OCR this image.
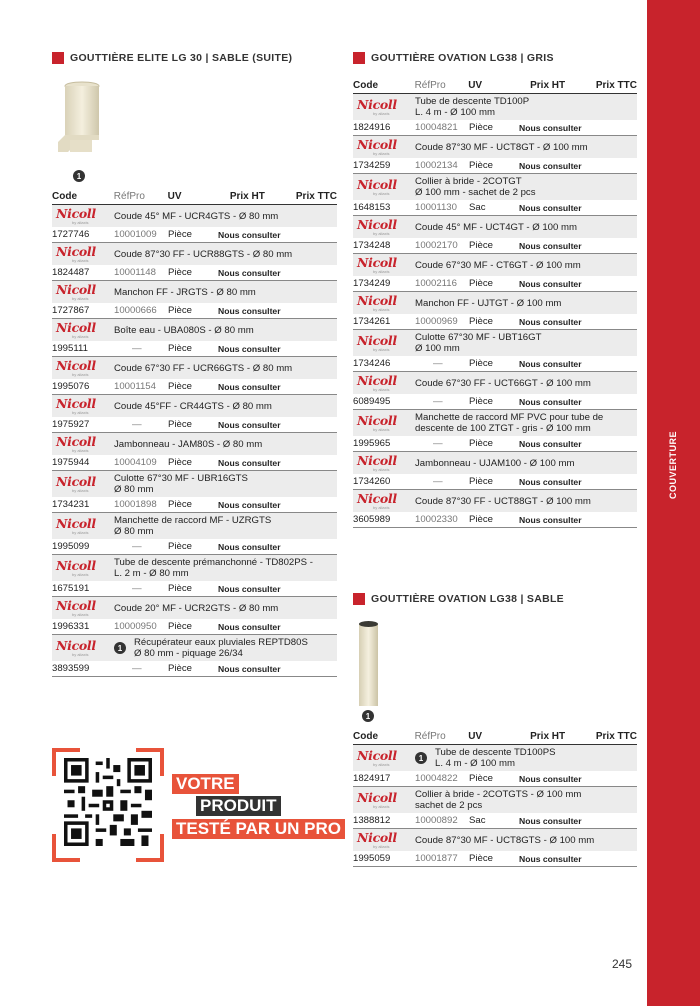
COUVERTURE
GOUTTIÈRE ELITE LG 30 | SABLE (SUITE)
1
Code	RéfPro	UV	Prix HT	Prix TTC
Nicoll
by aliaxis
Coude 45° MF - UCR4GTS - Ø 80 mm
1727746	10001009	Pièce	Nous consulter
Nicoll
by aliaxis
Coude 87°30 FF - UCR88GTS - Ø 80 mm
1824487	10001148	Pièce	Nous consulter
Nicoll
by aliaxis
Manchon FF - JRGTS - Ø 80 mm
1727867	10000666	Pièce	Nous consulter
Nicoll
by aliaxis
Boîte eau - UBA080S - Ø 80 mm
1995111	—	Pièce	Nous consulter
Nicoll
by aliaxis
Coude 67°30 FF - UCR66GTS - Ø 80 mm
1995076	10001154	Pièce	Nous consulter
Nicoll
by aliaxis
Coude 45°FF - CR44GTS - Ø 80 mm
1975927	—	Pièce	Nous consulter
Nicoll
by aliaxis
Jambonneau - JAM80S - Ø 80 mm
1975944	10004109	Pièce	Nous consulter
Nicoll
by aliaxis
Culotte 67°30 MF - UBR16GTS
Ø 80 mm
1734231	10001898	Pièce	Nous consulter
Nicoll
by aliaxis
Manchette de raccord MF - UZRGTS
Ø 80 mm
1995099	—	Pièce	Nous consulter
Nicoll
by aliaxis
Tube de descente prémanchonné - TD802PS -
L. 2 m - Ø 80 mm
1675191	—	Pièce	Nous consulter
Nicoll
by aliaxis
Coude 20° MF - UCR2GTS - Ø 80 mm
1996331	10000950	Pièce	Nous consulter
Nicoll
by aliaxis
1	Récupérateur eaux pluviales REPTD80S
Ø 80 mm - piquage 26/34
3893599	—	Pièce	Nous consulter
VOTRE
PRODUIT
TESTÉ PAR UN PRO
GOUTTIÈRE OVATION LG38 | GRIS
Code	RéfPro	UV	Prix HT	Prix TTC
Nicoll
by aliaxis
Tube de descente TD100P
L. 4 m - Ø 100 mm
1824916	10004821	Pièce	Nous consulter
Nicoll
by aliaxis
Coude 87°30 MF - UCT8GT - Ø 100 mm
1734259	10002134	Pièce	Nous consulter
Nicoll
by aliaxis
Collier à bride - 2COTGT
Ø 100 mm - sachet de 2 pcs
1648153	10001130	Sac	Nous consulter
Nicoll
by aliaxis
Coude 45° MF - UCT4GT - Ø 100 mm
1734248	10002170	Pièce	Nous consulter
Nicoll
by aliaxis
Coude 67°30 MF - CT6GT - Ø 100 mm
1734249	10002116	Pièce	Nous consulter
Nicoll
by aliaxis
Manchon FF - UJTGT - Ø 100 mm
1734261	10000969	Pièce	Nous consulter
Nicoll
by aliaxis
Culotte 67°30 MF - UBT16GT
Ø 100 mm
1734246	—	Pièce	Nous consulter
Nicoll
by aliaxis
Coude 67°30 FF - UCT66GT - Ø 100 mm
6089495	—	Pièce	Nous consulter
Nicoll
by aliaxis
Manchette de raccord MF PVC pour tube de
descente de 100 ZTGT - gris - Ø 100 mm
1995965	—	Pièce	Nous consulter
Nicoll
by aliaxis
Jambonneau - UJAM100 - Ø 100 mm
1734260	—	Pièce	Nous consulter
Nicoll
by aliaxis
Coude 87°30 FF - UCT88GT - Ø 100 mm
3605989	10002330	Pièce	Nous consulter
GOUTTIÈRE OVATION LG38 | SABLE
1
Code	RéfPro	UV	Prix HT	Prix TTC
Nicoll
by aliaxis
1	Tube de descente TD100PS
L. 4 m - Ø 100 mm
1824917	10004822	Pièce	Nous consulter
Nicoll
by aliaxis
Collier à bride - 2COTGTS - Ø 100 mm
sachet de 2 pcs
1388812	10000892	Sac	Nous consulter
Nicoll
by aliaxis
Coude 87°30 MF - UCT8GTS - Ø 100 mm
1995059	10001877	Pièce	Nous consulter
245
